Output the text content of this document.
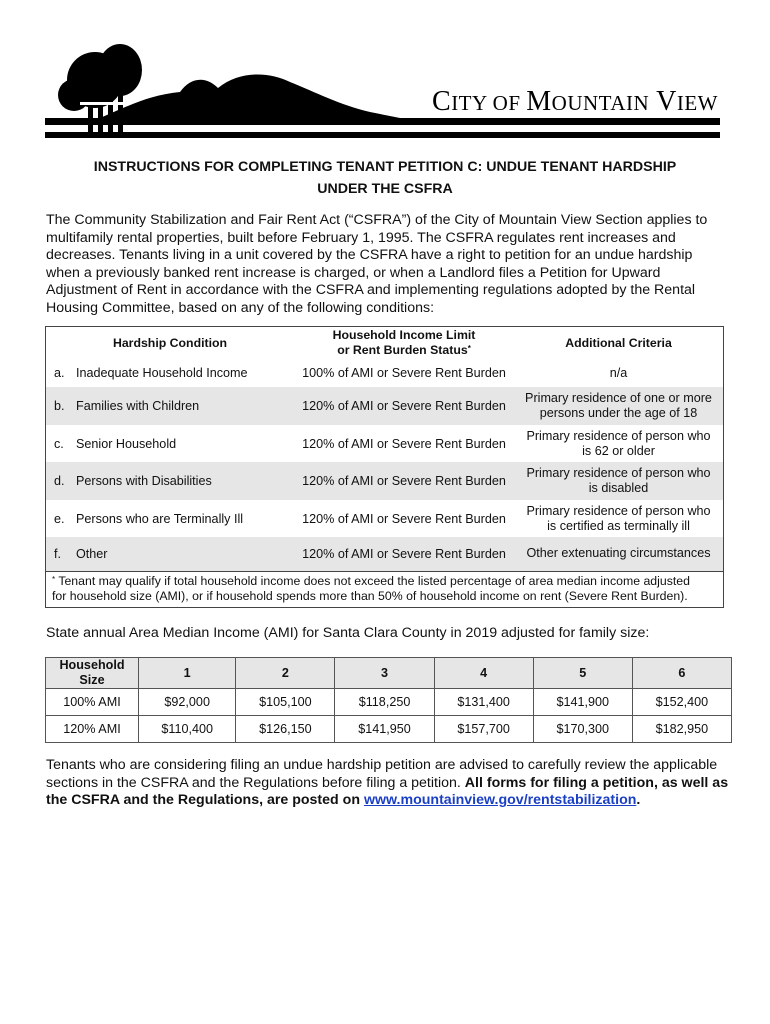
CITY OF MOUNTAIN VIEW
INSTRUCTIONS FOR COMPLETING TENANT PETITION C: UNDUE TENANT HARDSHIP
UNDER THE CSFRA
The Community Stabilization and Fair Rent Act (“CSFRA”) of the City of Mountain View Section applies to multifamily rental properties, built before February 1, 1995. The CSFRA regulates rent increases and decreases. Tenants living in a unit covered by the CSFRA have a right to petition for an undue hardship when a previously banked rent increase is charged, or when a Landlord files a Petition for Upward Adjustment of Rent in accordance with the CSFRA and implementing regulations adopted by the Rental Housing Committee, based on any of the following conditions:
Hardship Condition		Household Income Limit
or Rent Burden Status*	Additional Criteria
a.	Inadequate Household Income	100% of AMI or Severe Rent Burden	n/a
b.	Families with Children	120% of AMI or Severe Rent Burden	Primary residence of one or more
persons under the age of 18
c.	Senior Household	120% of AMI or Severe Rent Burden	Primary residence of person who
is 62 or older
d.	Persons with Disabilities	120% of AMI or Severe Rent Burden	Primary residence of person who
is disabled
e.	Persons who are Terminally Ill	120% of AMI or Severe Rent Burden	Primary residence of person who
is certified as terminally ill
f.	Other	120% of AMI or Severe Rent Burden	Other extenuating circumstances
* Tenant may qualify if total household income does not exceed the listed percentage of area median income adjusted
for household size (AMI), or if household spends more than 50% of household income on rent (Severe Rent Burden).			
State annual Area Median Income (AMI) for Santa Clara County in 2019 adjusted for family size:
Household
Size	1	2	3	4	5	6
100% AMI	$92,000	$105,100	$118,250	$131,400	$141,900	$152,400
120% AMI	$110,400	$126,150	$141,950	$157,700	$170,300	$182,950
Tenants who are considering filing an undue hardship petition are advised to carefully review the applicable sections in the CSFRA and the Regulations before filing a petition. All forms for filing a petition, as well as the CSFRA and the Regulations, are posted on www.mountainview.gov/rentstabilization.
